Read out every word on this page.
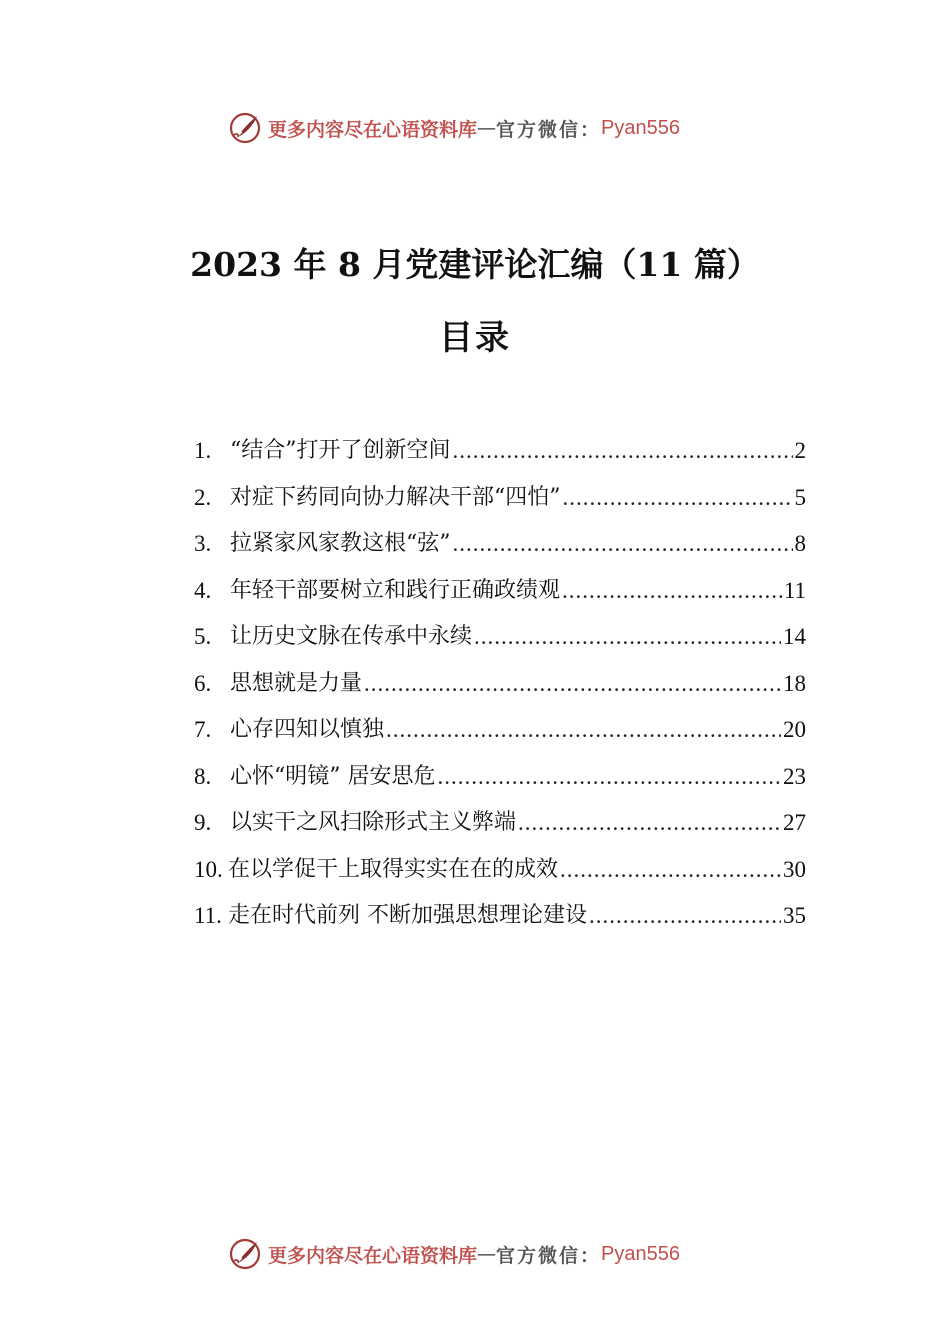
更多内容尽在心语资料库 — 官方微信： Pyan556
2023 年 8 月党建评论汇编（11 篇）
目录
1. “结合”打开了创新空间 .....	2
2. 对症下药同向协力解决干部“四怕” .....	5
3. 拉紧家风家教这根“弦” .....	8
4. 年轻干部要树立和践行正确政绩观 .....	11
5. 让历史文脉在传承中永续 .....	14
6. 思想就是力量 .....	18
7. 心存四知以慎独 .....	20
8. 心怀“明镜” 居安思危 .....	23
9. 以实干之风扫除形式主义弊端 .....	27
10. 在以学促干上取得实实在在的成效 .....	30
11. 走在时代前列 不断加强思想理论建设 .....	35
更多内容尽在心语资料库 — 官方微信： Pyan556
